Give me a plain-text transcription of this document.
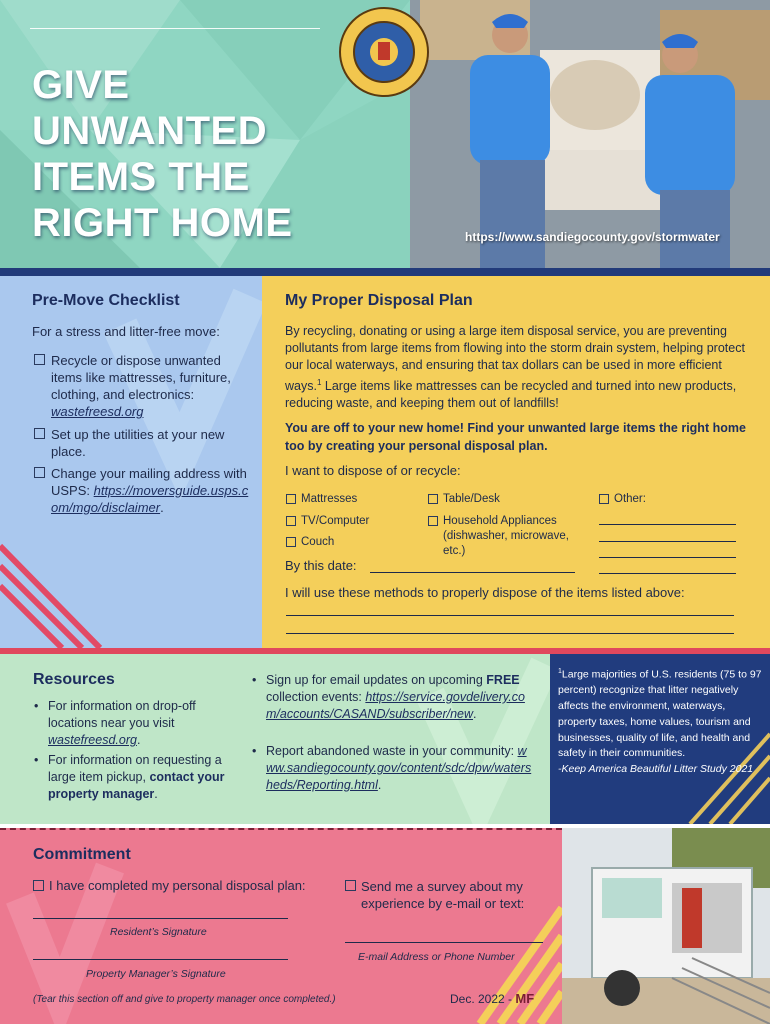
GIVE UNWANTED ITEMS THE RIGHT HOME	https://www.sandiegocounty.gov/stormwater
Pre-Move Checklist
For a stress and litter-free move:
Recycle or dispose unwanted items like mattresses, furniture, clothing, and electronics: wastefreesd.org
Set up the utilities at your new place.
Change your mailing address with USPS: https://moversguide.usps.com/mgo/disclaimer.
My Proper Disposal Plan
By recycling, donating or using a large item disposal service, you are preventing pollutants from large items from flowing into the storm drain system, helping protect our local waterways, and ensuring that tax dollars can be used in more efficient ways.$^1$ Large items like mattresses can be recycled and turned into new products, reducing waste, and keeping them out of landfills!
You are off to your new home! Find your unwanted large items the right home too by creating your personal disposal plan.
I want to dispose of or recycle:
Mattresses
TV/Computer
Couch
Table/Desk
Household Appliances (dishwasher, microwave, etc.)
Other:
By this date:
I will use these methods to properly dispose of the items listed above:
Resources
• For information on drop-off locations near you visit wastefreesd.org.
• For information on requesting a large item pickup, contact your property manager.
• Sign up for email updates on upcoming FREE collection events: https://service.govdelivery.com/accounts/CASAND/subscriber/new.
• Report abandoned waste in your community: www.sandiegocounty.gov/content/sdc/dpw/watersheds/Reporting.html.
$^1$Large majorities of U.S. residents (75 to 97 percent) recognize that litter negatively affects the environment, waterways, property taxes, home values, tourism and businesses, quality of life, and health and safety in their communities.
-Keep America Beautiful Litter Study 2021
Commitment
I have completed my personal disposal plan:	Send me a survey about my experience by e-mail or text:
Resident’s Signature
Property Manager’s Signature
E-mail Address or Phone Number
(Tear this section off and give to property manager once completed.)	Dec. 2022 - MF
